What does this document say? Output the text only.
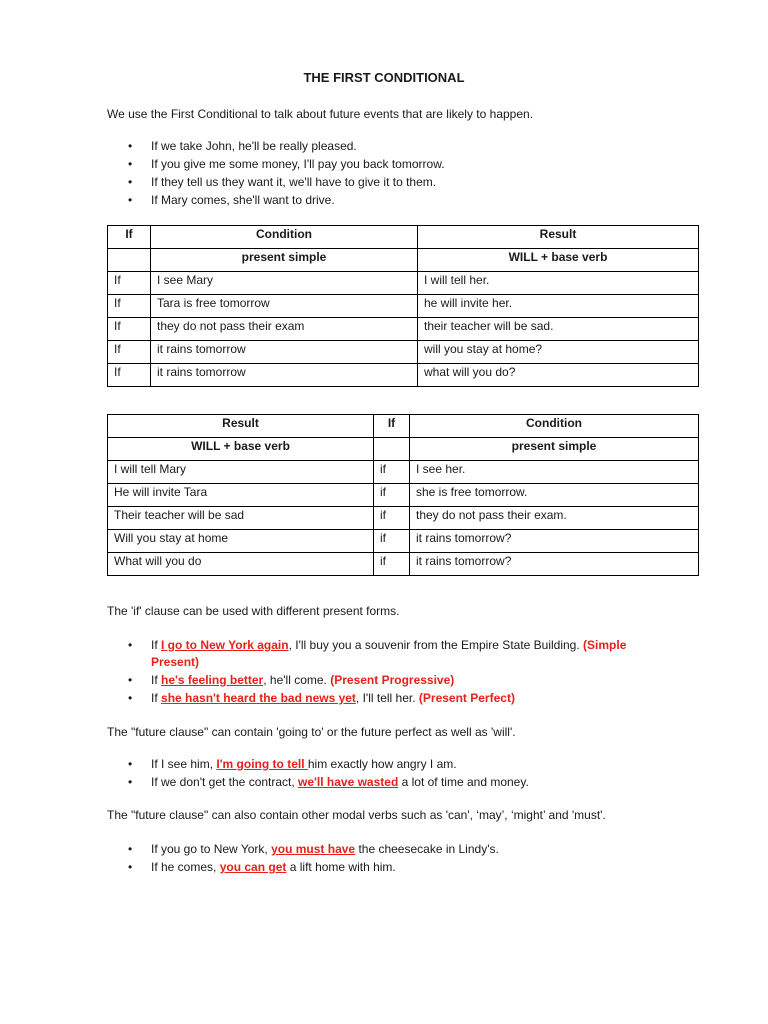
THE FIRST CONDITIONAL
We use the First Conditional to talk about future events that are likely to happen.
• If we take John, he'll be really pleased.
• If you give me some money, I'll pay you back tomorrow.
• If they tell us they want it, we'll have to give it to them.
• If Mary comes, she'll want to drive.
If	Condition	Result
	present simple	WILL + base verb
If	I see Mary	I will tell her.
If	Tara is free tomorrow	he will invite her.
If	they do not pass their exam	their teacher will be sad.
If	it rains tomorrow	will you stay at home?
If	it rains tomorrow	what will you do?
Result	If	Condition
WILL + base verb		present simple
I will tell Mary	if	I see her.
He will invite Tara	if	she is free tomorrow.
Their teacher will be sad	if	they do not pass their exam.
Will you stay at home	if	it rains tomorrow?
What will you do	if	it rains tomorrow?
The 'if' clause can be used with different present forms.
• If I go to New York again, I'll buy you a souvenir from the Empire State Building. (Simple Present)
• If he's feeling better, he'll come. (Present Progressive)
• If she hasn't heard the bad news yet, I'll tell her. (Present Perfect)
The "future clause" can contain 'going to' or the future perfect as well as 'will'.
• If I see him, I'm going to tell him exactly how angry I am.
• If we don't get the contract, we'll have wasted a lot of time and money.
The "future clause" can also contain other modal verbs such as 'can', ‘may’, ‘might’ and 'must'.
• If you go to New York, you must have the cheesecake in Lindy's.
• If he comes, you can get a lift home with him.
